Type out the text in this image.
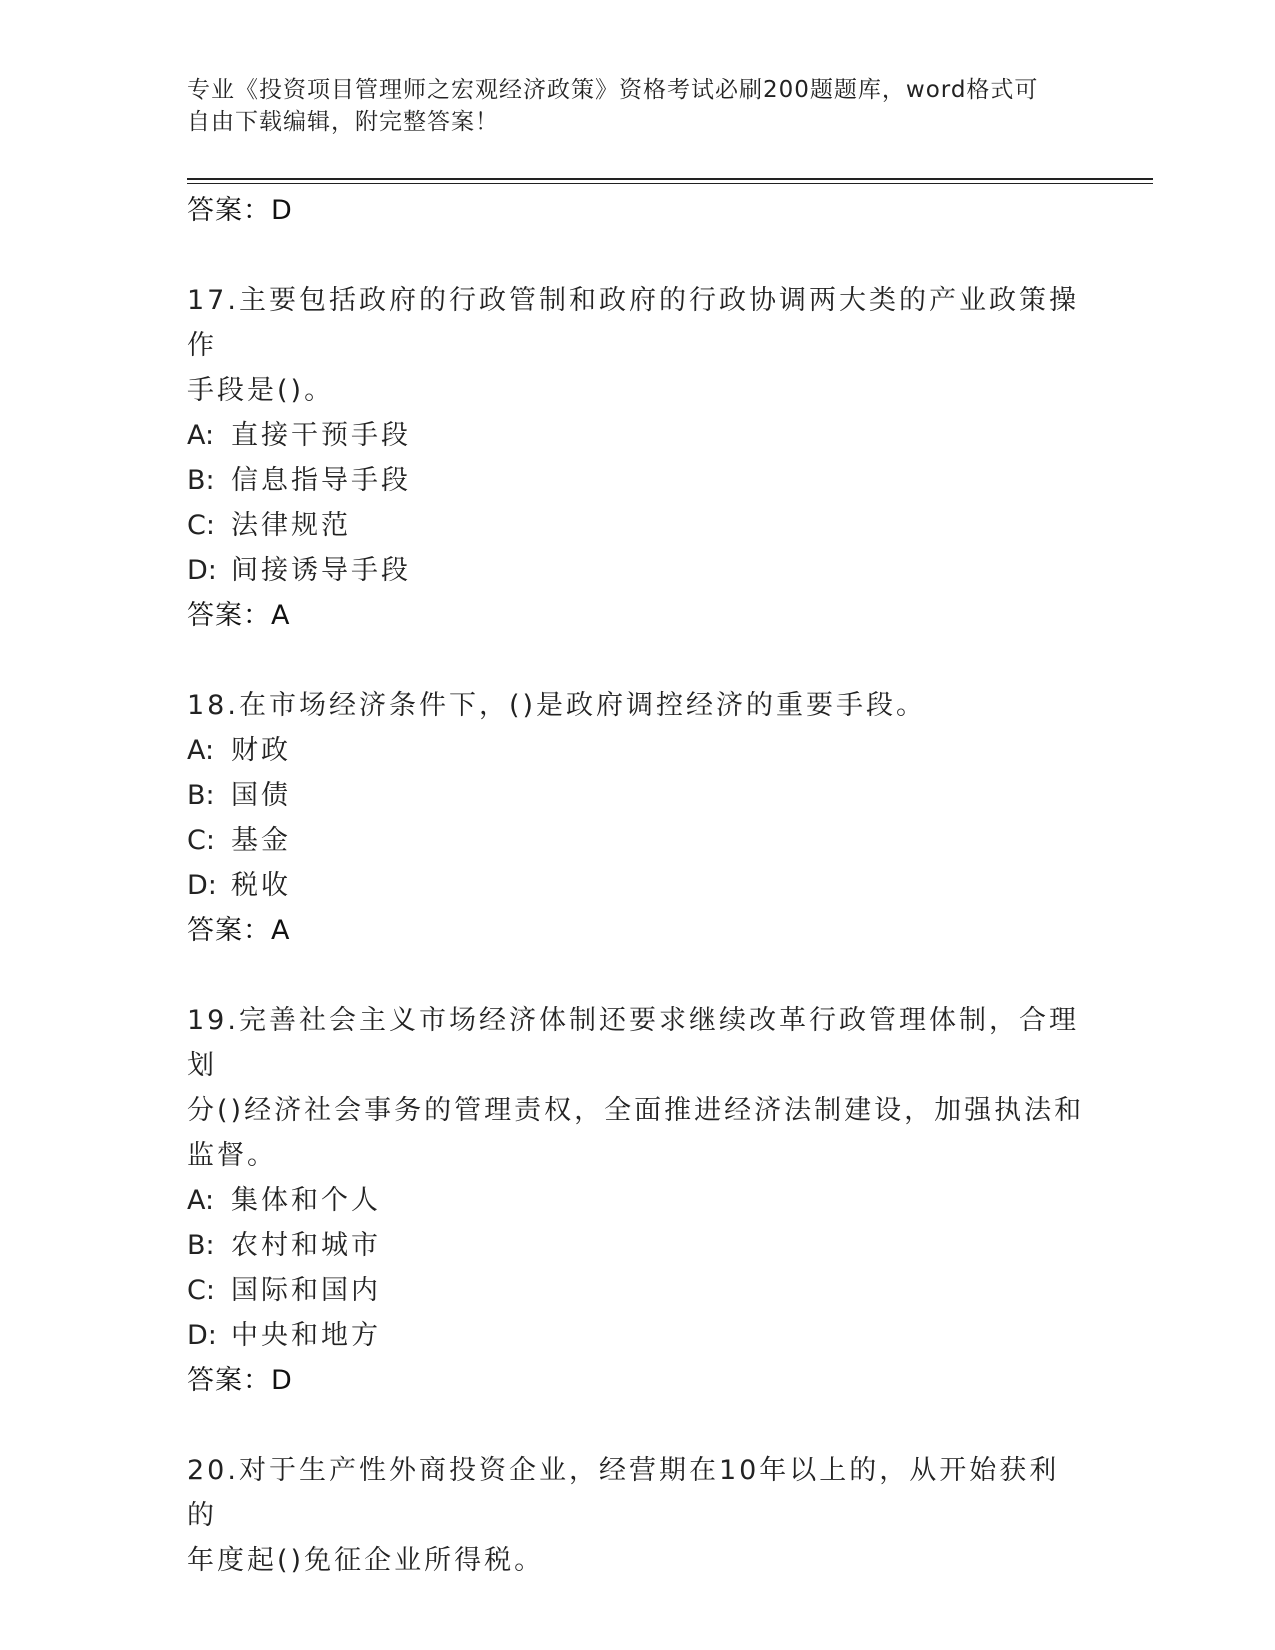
专业《投资项目管理师之宏观经济政策》资格考试必刷200题题库，word格式可
自由下载编辑，附完整答案！
答案：D
17.主要包括政府的行政管制和政府的行政协调两大类的产业政策操作
手段是()。
A: 直接干预手段
B: 信息指导手段
C: 法律规范
D: 间接诱导手段
答案：A
18.在市场经济条件下，()是政府调控经济的重要手段。
A: 财政
B: 国债
C: 基金
D: 税收
答案：A
19.完善社会主义市场经济体制还要求继续改革行政管理体制，合理划
分()经济社会事务的管理责权，全面推进经济法制建设，加强执法和
监督。
A: 集体和个人
B: 农村和城市
C: 国际和国内
D: 中央和地方
答案：D
20.对于生产性外商投资企业，经营期在10年以上的，从开始获利的
年度起()免征企业所得税。
